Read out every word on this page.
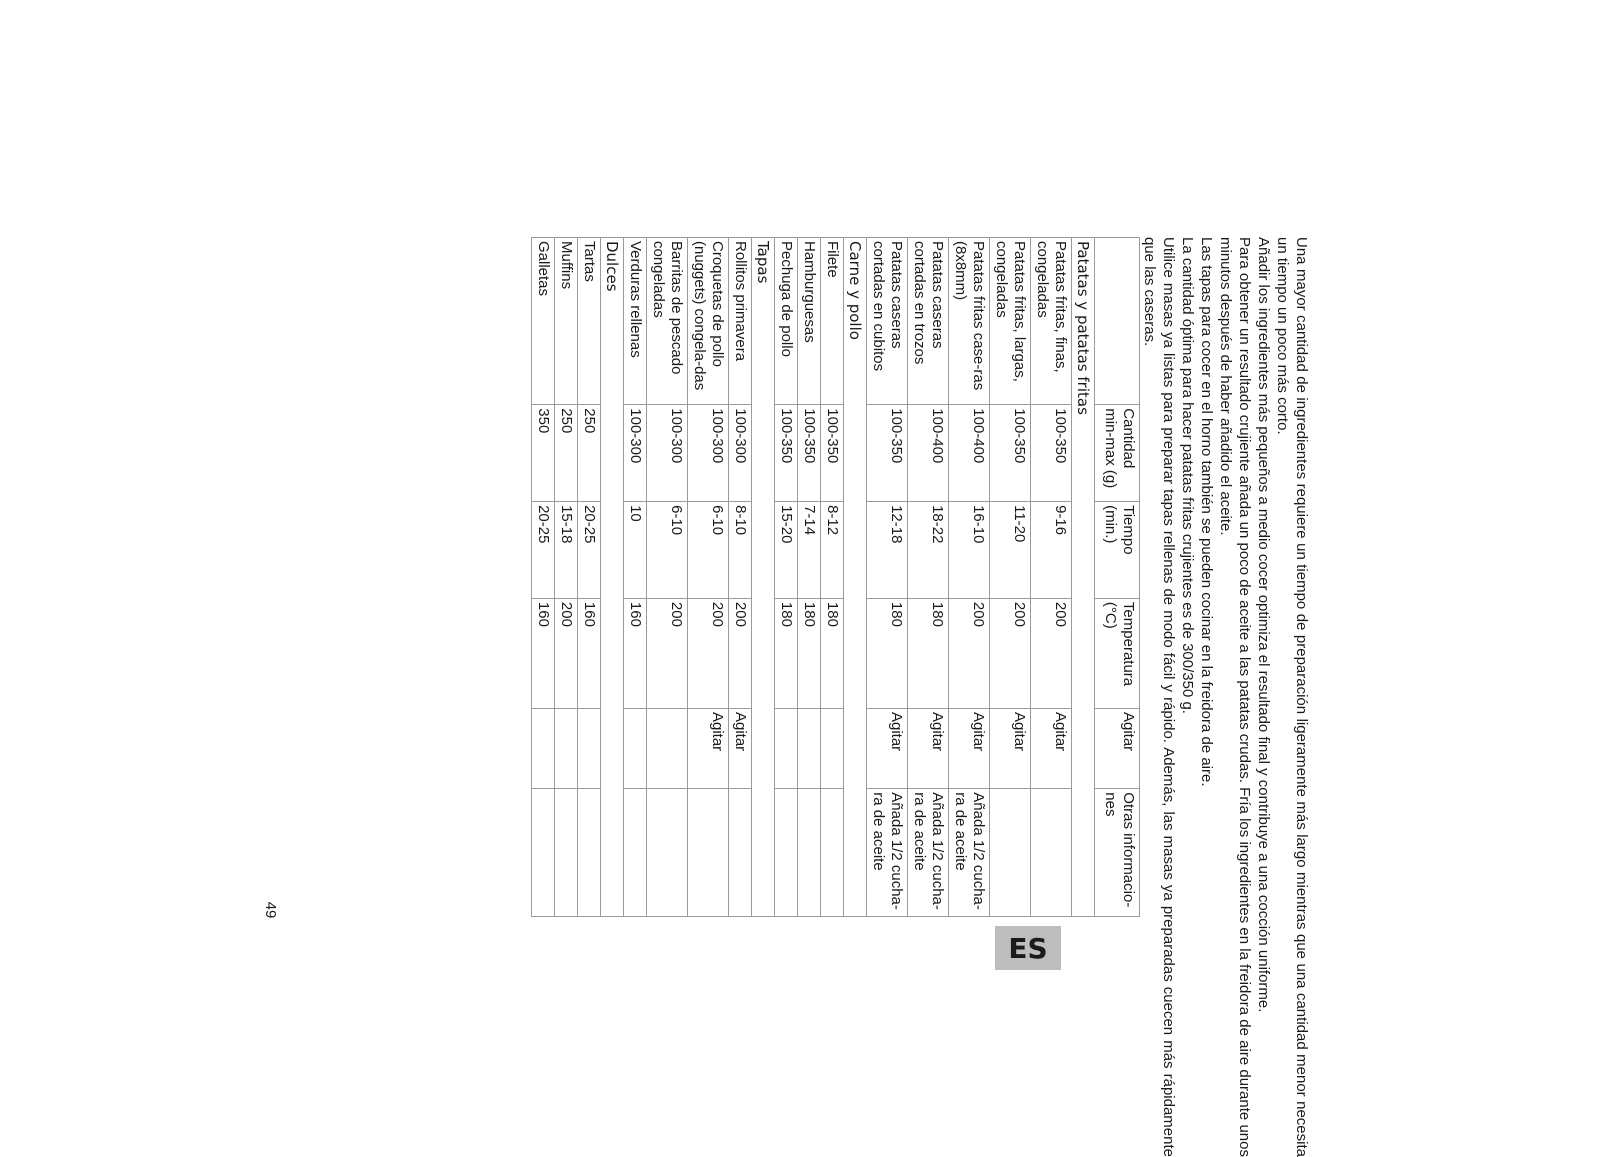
Una mayor cantidad de ingredientes requiere un tiempo de preparación ligeramente más largo mientras que una cantidad menor necesita un tiempo un poco más corto.

Añadir los ingredientes más pequeños a medio cocer optimiza el resultado final y contribuye a una cocción uniforme.

Para obtener un resultado crujiente añada un poco de aceite a las patatas crudas. Fría los ingredientes en la freidora de aire durante unos minutos después de haber añadido el aceite.

Las tapas para cocer en el horno también se pueden cocinar en la freidora de aire.

La cantidad óptima para hacer patatas fritas crujientes es de 300/350 g.

Utilice masas ya listas para preparar tapas rellenas de modo fácil y rápido. Además, las masas ya preparadas cuecen más rápidamente que las caseras.

	Cantidad min-max (g)	Tiempo (min.)	Temperatura (°C)	Agitar	Otras informacio-nes
Patatas y patatas fritas					
Patatas fritas, finas, congeladas	100-350	9-16	200	Agitar	
Patatas fritas, largas, congeladas	100-350	11-20	200	Agitar	
Patatas fritas case-ras (8x8mm)	100-400	16-10	200	Agitar	Añada 1/2 cucha-ra de aceite
Patatas caseras cortadas en trozos	100-400	18-22	180	Agitar	Añada 1/2 cucha-ra de aceite
Patatas caseras cortadas en cubitos	100-350	12-18	180	Agitar	Añada 1/2 cucha-ra de aceite
Carne y pollo					
Filete	100-350	8-12	180		
Hamburguesas	100-350	7-14	180		
Pechuga de pollo	100-350	15-20	180		
Tapas					
Rollitos primavera	100-300	8-10	200	Agitar	
Croquetas de pollo (nuggets) congela-das	100-300	6-10	200	Agitar	
Barritas de pescado congeladas	100-300	6-10	200		
Verduras rellenas	100-300	10	160		
Dulces					
Tartas	250	20-25	160		
Muffins	250	15-18	200		
Galletas	350	20-25	160		
ES
49
